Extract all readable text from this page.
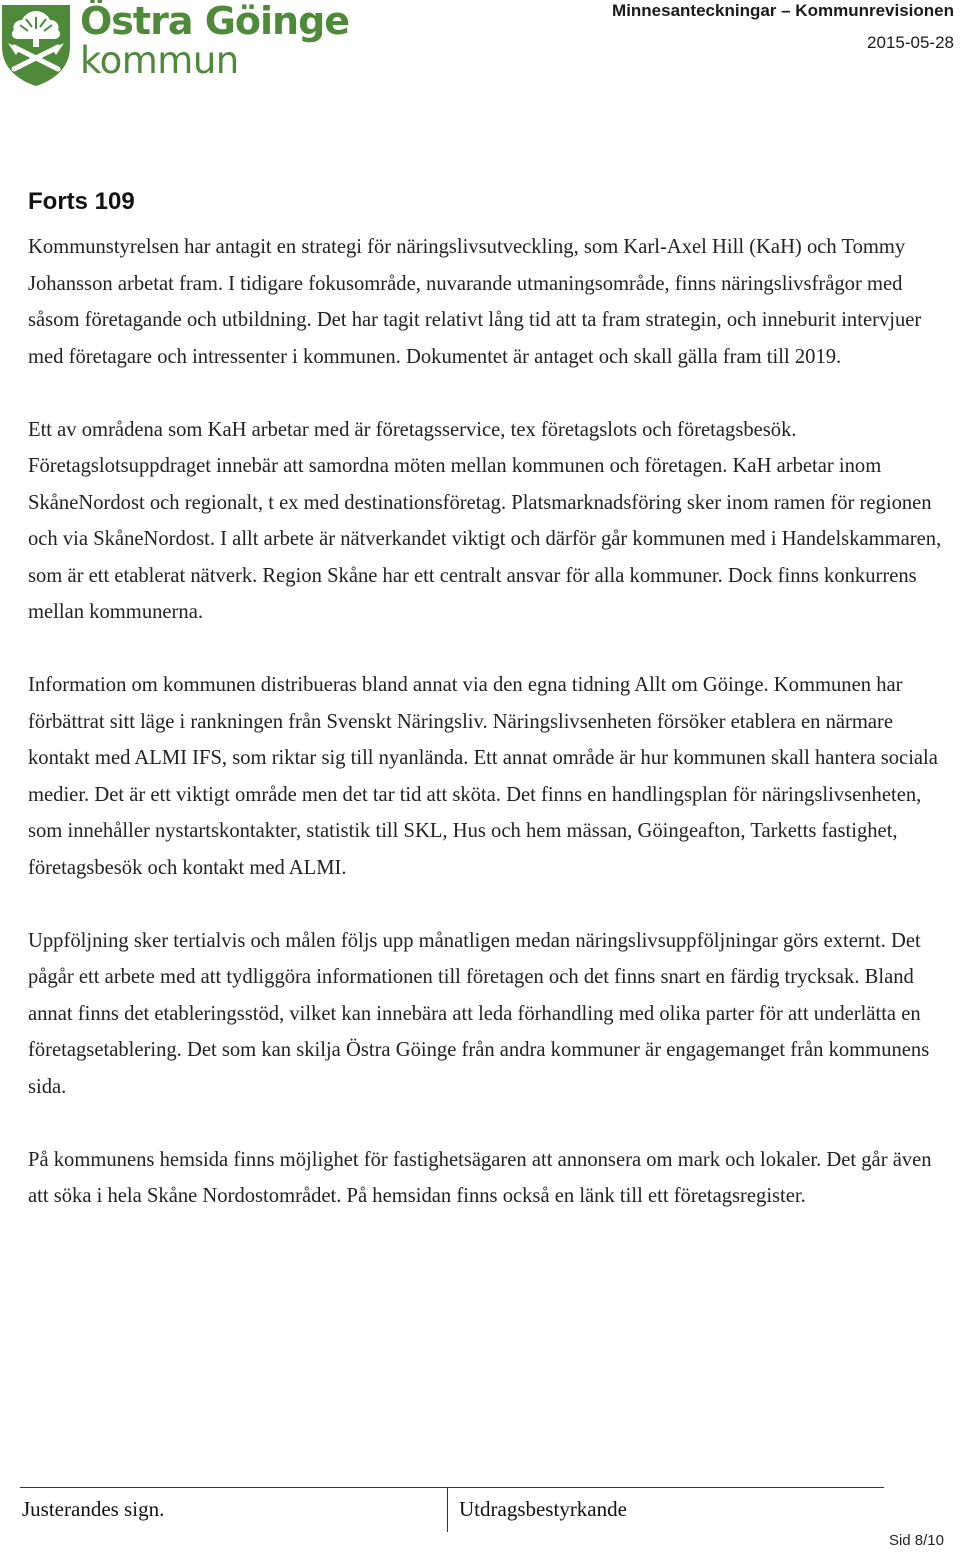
Östra Göinge
kommun
Minnesanteckningar – Kommunrevisionen
2015-05-28
Forts 109

Kommunstyrelsen har antagit en strategi för näringslivsutveckling, som Karl-Axel Hill (KaH) och Tommy Johansson arbetat fram. I tidigare fokusområde, nuvarande utmaningsområde, finns näringslivsfrågor med såsom företagande och utbildning. Det har tagit relativt lång tid att ta fram strategin, och inneburit intervjuer med företagare och intressenter i kommunen. Dokumentet är antaget och skall gälla fram till 2019.

Ett av områdena som KaH arbetar med är företagsservice, tex företagslots och företagsbesök. Företagslotsuppdraget innebär att samordna möten mellan kommunen och företagen. KaH arbetar inom SkåneNordost och regionalt, t ex med destinationsföretag. Platsmarknadsföring sker inom ramen för regionen och via SkåneNordost. I allt arbete är nätverkandet viktigt och därför går kommunen med i Handelskammaren, som är ett etablerat nätverk. Region Skåne har ett centralt ansvar för alla kommuner. Dock finns konkurrens mellan kommunerna.

Information om kommunen distribueras bland annat via den egna tidning Allt om Göinge. Kommunen har förbättrat sitt läge i rankningen från Svenskt Näringsliv. Näringslivsenheten försöker etablera en närmare kontakt med ALMI IFS, som riktar sig till nyanlända. Ett annat område är hur kommunen skall hantera sociala medier. Det är ett viktigt område men det tar tid att sköta. Det finns en handlingsplan för näringslivsenheten, som innehåller nystartskontakter, statistik till SKL, Hus och hem mässan, Göingeafton, Tarketts fastighet, företagsbesök och kontakt med ALMI.

Uppföljning sker tertialvis och målen följs upp månatligen medan näringslivsuppföljningar görs externt. Det pågår ett arbete med att tydliggöra informationen till företagen och det finns snart en färdig trycksak. Bland annat finns det etableringsstöd, vilket kan innebära att leda förhandling med olika parter för att underlätta en företagsetablering. Det som kan skilja Östra Göinge från andra kommuner är engagemanget från kommunens sida.

På kommunens hemsida finns möjlighet för fastighetsägaren att annonsera om mark och lokaler. Det går även att söka i hela Skåne Nordostområdet. På hemsidan finns också en länk till ett företagsregister.

Justerandes sign.	Utdragsbestyrkande
Sid 8/10
